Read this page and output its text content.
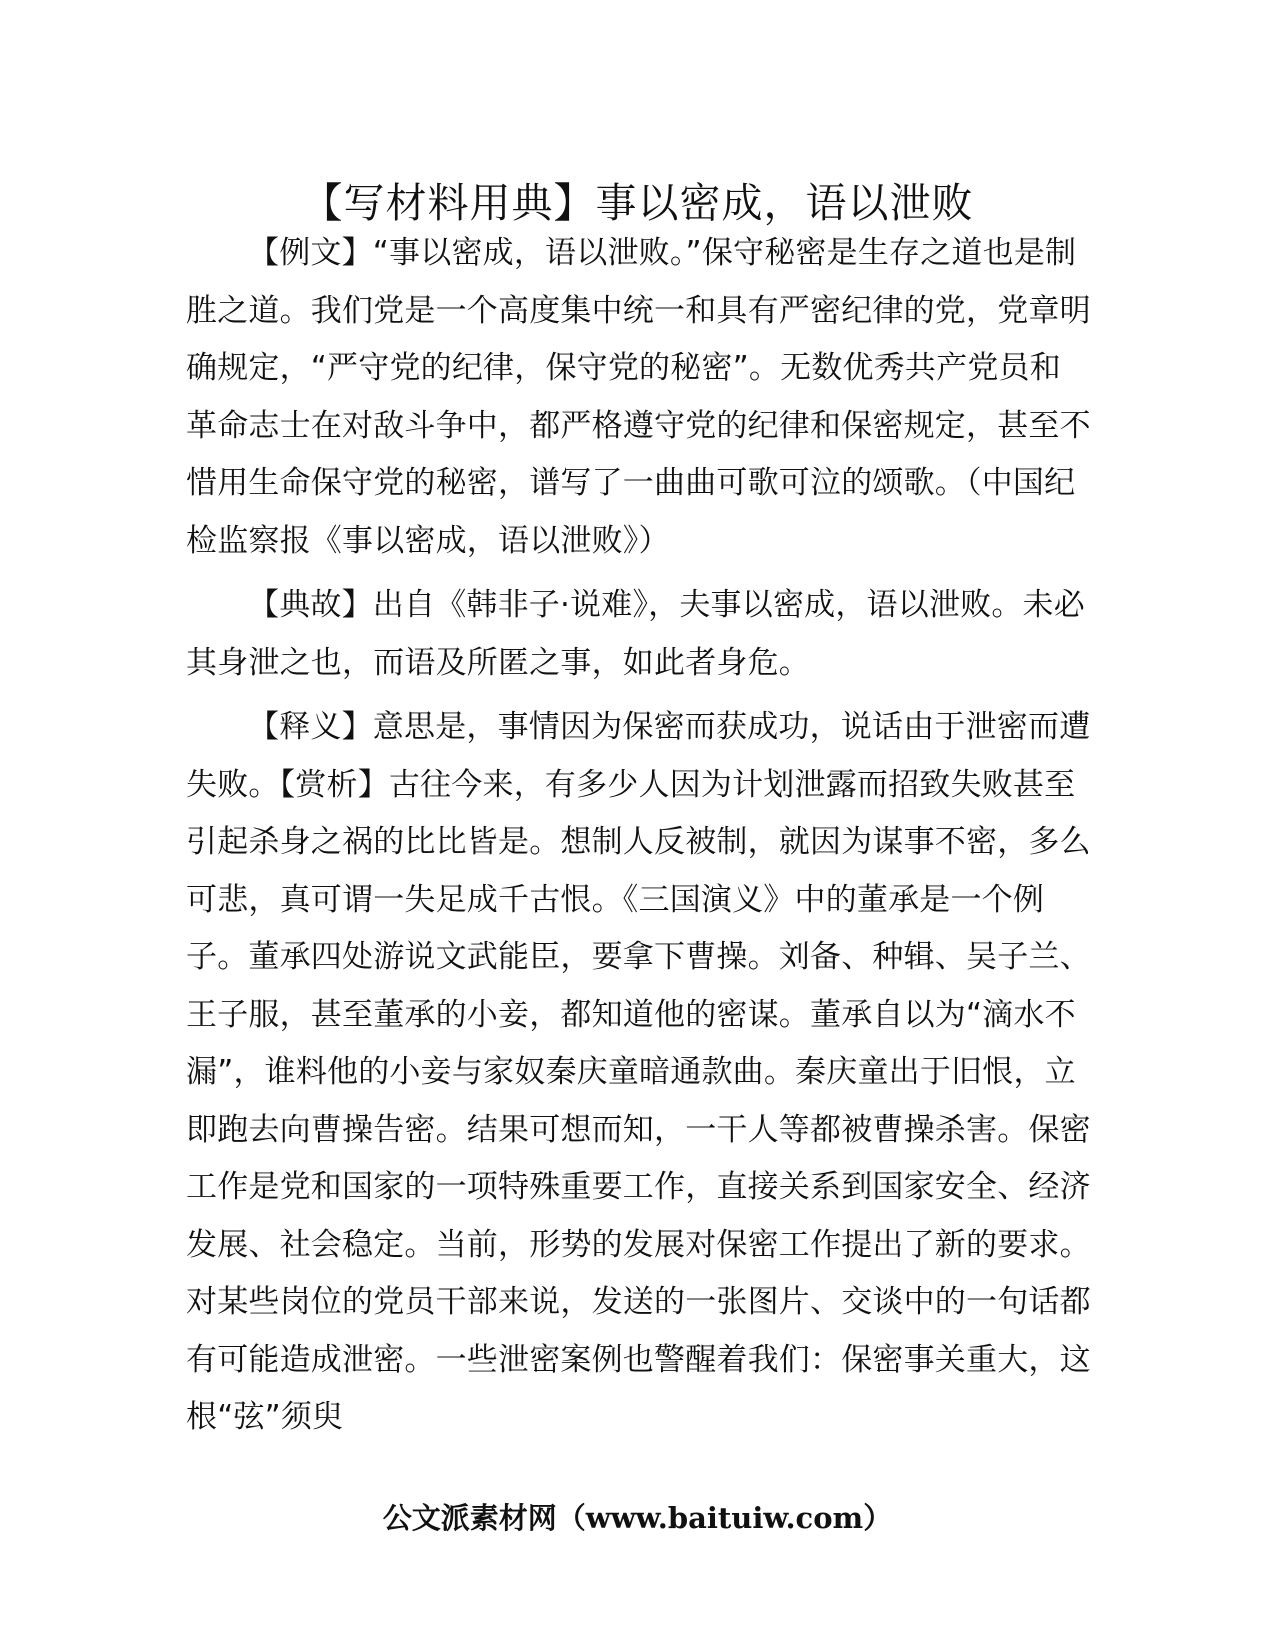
【写材料用典】事以密成，语以泄败

【例文】“事以密成，语以泄败。”保守秘密是生存之道也是制胜之道。我们党是一个高度集中统一和具有严密纪律的党，党章明确规定，“严守党的纪律，保守党的秘密”。无数优秀共产党员和革命志士在对敌斗争中，都严格遵守党的纪律和保密规定，甚至不惜用生命保守党的秘密，谱写了一曲曲可歌可泣的颂歌。（中国纪检监察报《事以密成，语以泄败》）

【典故】出自《韩非子·说难》，夫事以密成，语以泄败。未必其身泄之也，而语及所匿之事，如此者身危。

【释义】意思是，事情因为保密而获成功，说话由于泄密而遭失败。【赏析】古往今来，有多少人因为计划泄露而招致失败甚至引起杀身之祸的比比皆是。想制人反被制，就因为谋事不密，多么可悲，真可谓一失足成千古恨。《三国演义》中的董承是一个例子。董承四处游说文武能臣，要拿下曹操。刘备、种辑、吴子兰、王子服，甚至董承的小妾，都知道他的密谋。董承自以为“滴水不漏”，谁料他的小妾与家奴秦庆童暗通款曲。秦庆童出于旧恨，立即跑去向曹操告密。结果可想而知，一干人等都被曹操杀害。保密工作是党和国家的一项特殊重要工作，直接关系到国家安全、经济发展、社会稳定。当前，形势的发展对保密工作提出了新的要求。对某些岗位的党员干部来说，发送的一张图片、交谈中的一句话都有可能造成泄密。一些泄密案例也警醒着我们：保密事关重大，这根“弦”须臾

公文派素材网（www.baituiw.com）
